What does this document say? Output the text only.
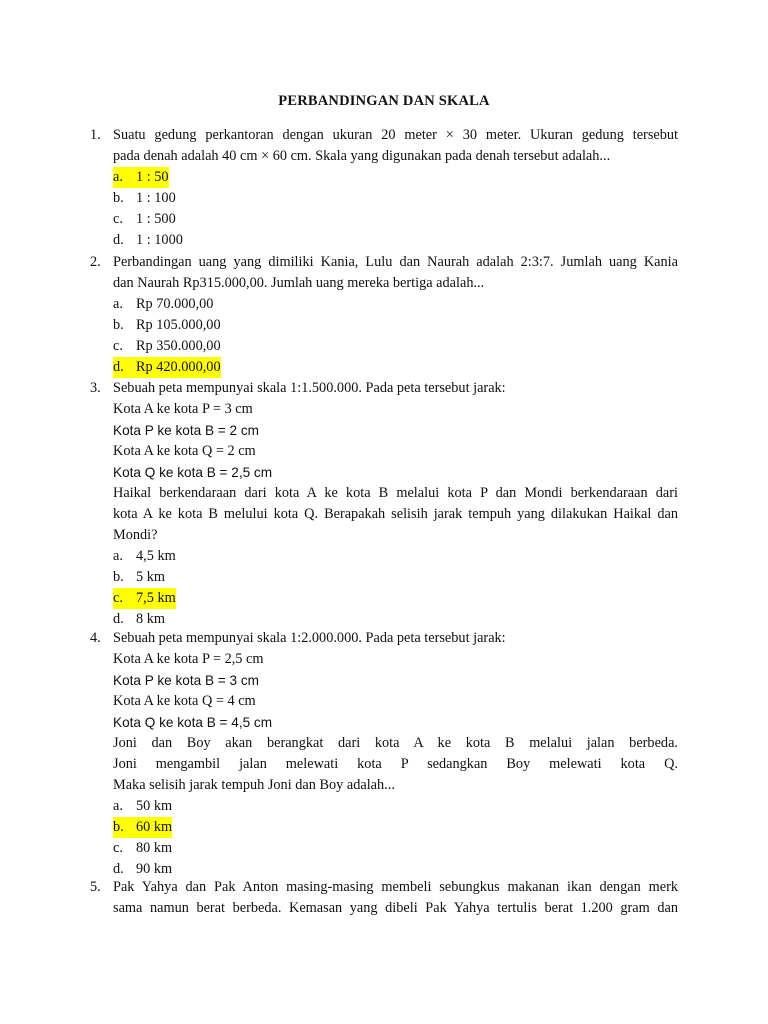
PERBANDINGAN DAN SKALA
1. Suatu gedung perkantoran dengan ukuran 20 meter × 30 meter. Ukuran gedung tersebut
pada denah adalah 40 cm × 60 cm. Skala yang digunakan pada denah tersebut adalah...
a. 1 : 50
b. 1 : 100
c. 1 : 500
d. 1 : 1000
2. Perbandingan uang yang dimiliki Kania, Lulu dan Naurah adalah 2:3:7. Jumlah uang Kania
dan Naurah Rp315.000,00. Jumlah uang mereka bertiga adalah...
a. Rp 70.000,00
b. Rp 105.000,00
c. Rp 350.000,00
d. Rp 420.000,00
3. Sebuah peta mempunyai skala 1:1.500.000. Pada peta tersebut jarak:
Kota A ke kota P = 3 cm
Kota P ke kota B = 2 cm
Kota A ke kota Q = 2 cm
Kota Q ke kota B = 2,5 cm
Haikal berkendaraan dari kota A ke kota B melalui kota P dan Mondi berkendaraan dari
kota A ke kota B melului kota Q. Berapakah selisih jarak tempuh yang dilakukan Haikal dan
Mondi?
a. 4,5 km
b. 5 km
c. 7,5 km
d. 8 km
4. Sebuah peta mempunyai skala 1:2.000.000. Pada peta tersebut jarak:
Kota A ke kota P = 2,5 cm
Kota P ke kota B = 3 cm
Kota A ke kota Q = 4 cm
Kota Q ke kota B = 4,5 cm
Joni dan Boy akan berangkat dari kota A ke kota B melalui jalan berbeda.
Joni mengambil jalan melewati kota P sedangkan Boy melewati kota Q.
Maka selisih jarak tempuh Joni dan Boy adalah...
a. 50 km
b. 60 km
c. 80 km
d. 90 km
5. Pak Yahya dan Pak Anton masing-masing membeli sebungkus makanan ikan dengan merk
sama namun berat berbeda. Kemasan yang dibeli Pak Yahya tertulis berat 1.200 gram dan
